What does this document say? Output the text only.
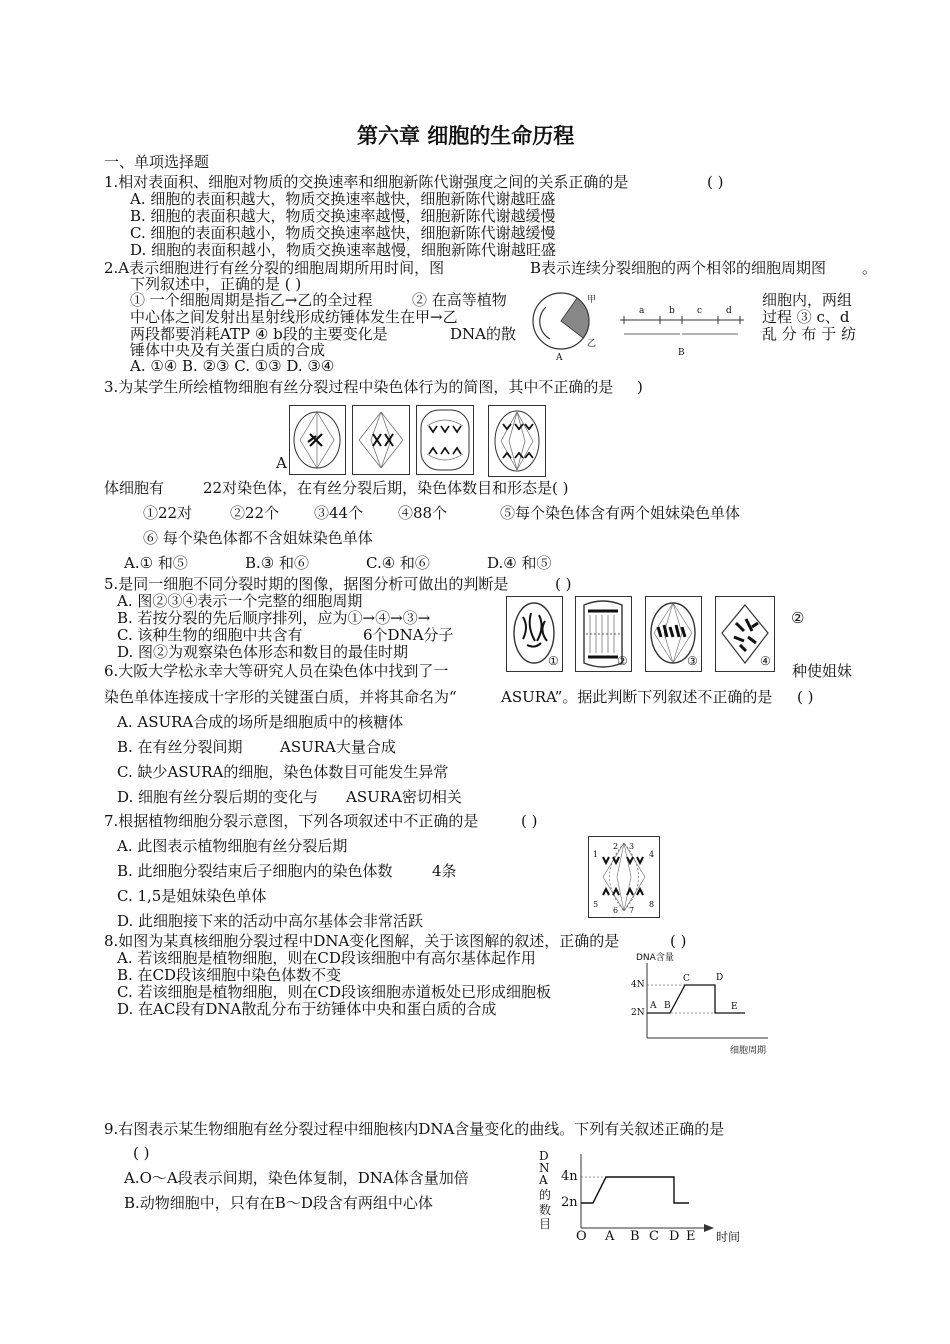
第六章 细胞的生命历程
一、单项选择题
1.相对表面积、细胞对物质的交换速率和细胞新陈代谢强度之间的关系正确的是	( )
A. 细胞的表面积越大，物质交换速率越快，细胞新陈代谢越旺盛
B. 细胞的表面积越大，物质交换速率越慢，细胞新陈代谢越缓慢
C. 细胞的表面积越小，物质交换速率越快，细胞新陈代谢越缓慢
D. 细胞的表面积越小，物质交换速率越慢，细胞新陈代谢越旺盛
2.A表示细胞进行有丝分裂的细胞周期所用时间，图	B表示连续分裂细胞的两个相邻的细胞周期图 。
下列叙述中，正确的是 ( )
① 一个细胞周期是指乙→乙的全过程	② 在高等植物	细胞内，两组
中心体之间发射出星射线形成纺锤体发生在甲→乙	过程 ③ c、d
两段都要消耗ATP ④ b段的主要变化是	DNA的散	乱 分 布 于 纺
锤体中央及有关蛋白质的合成
A. ①④ B. ②③ C. ①③ D. ③④
甲
乙
A
a	b c	d
B
3.为某学生所绘植物细胞有丝分裂过程中染色体行为的简图，其中不正确的是 )
A
体细胞有	22对染色体，在有丝分裂后期，染色体数目和形态是 ( )
①22对	②22个 ③44个 ④88个	⑤每个染色体含有两个姐妹染色单体
⑥ 每个染色体都不含姐妹染色单体
A.① 和⑤	B.③ 和⑥	C.④ 和⑥	D.④ 和⑤
5.是同一细胞不同分裂时期的图像，据图分析可做出的判断是	( )
A. 图②③④表示一个完整的细胞周期
B. 若按分裂的先后顺序排列，应为①→④→③→
C. 该种生物的细胞中共含有	6个DNA分子
D. 图②为观察染色体形态和数目的最佳时期
②
①	②	③	④
6.大阪大学松永幸大等研究人员在染色体中找到了一	种使姐妹
染色单体连接成十字形的关键蛋白质，并将其命名为“	ASURA”。据此判断下列叙述不正确的是 ( )
A. ASURA合成的场所是细胞质中的核糖体
B. 在有丝分裂间期 ASURA大量合成
C. 缺少ASURA的细胞，染色体数目可能发生异常
D. 细胞有丝分裂后期的变化与 ASURA密切相关
7.根据植物细胞分裂示意图，下列各项叙述中不正确的是	( )
A. 此图表示植物细胞有丝分裂后期
B. 此细胞分裂结束后子细胞内的染色体数	4条
C. 1,5是姐妹染色单体
D. 此细胞接下来的活动中高尔基体会非常活跃
1
2 3
4
5
6 7
8
8.如图为某真核细胞分裂过程中DNA变化图解，关于该图解的叙述，正确的是	( )
A. 若该细胞是植物细胞，则在CD段该细胞中有高尔基体起作用
B. 在CD段该细胞中染色体数不变
C. 若该细胞是植物细胞，则在CD段该细胞赤道板处已形成细胞板
D. 在AC段有DNA散乱分布于纺锤体中央和蛋白质的合成
DNA含量
4N
2N
A B
C	D
E
细胞周期
9.右图表示某生物细胞有丝分裂过程中细胞核内DNA含量变化的曲线。下列有关叙述正确的是
( )
A.O～A段表示间期，染色体复制，DNA体含量加倍
B.动物细胞中，只有在B～D段含有两组中心体
D
N
A
的
数
目
4n
2n
O A B C D E 时间
